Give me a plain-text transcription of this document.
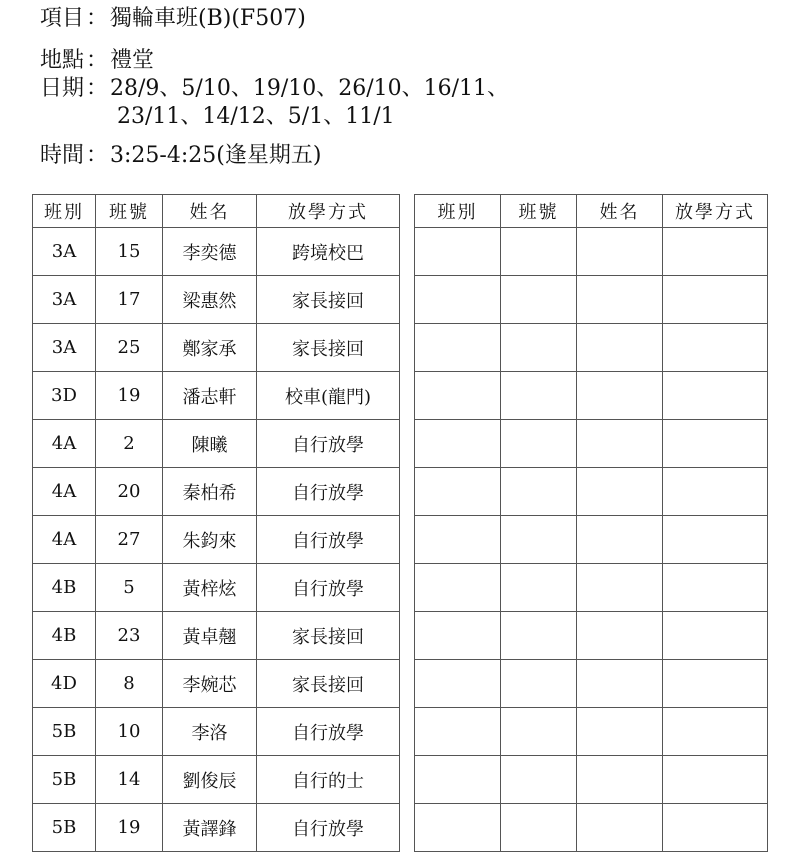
項目：獨輪車班(B)(F507)
地點：禮堂
日期：28/9、5/10、19/10、26/10、16/11、
23/11、14/12、5/1、11/1
時間：3:25-4:25(逢星期五)
班別	班號	姓名	放學方式
3A	15	李奕德	跨境校巴
3A	17	梁惠然	家長接回
3A	25	鄭家承	家長接回
3D	19	潘志軒	校車(龍門)
4A	2	陳曦	自行放學
4A	20	秦柏希	自行放學
4A	27	朱鈞來	自行放學
4B	5	黃梓炫	自行放學
4B	23	黃卓翹	家長接回
4D	8	李婉芯	家長接回
5B	10	李洛	自行放學
5B	14	劉俊辰	自行的士
5B	19	黃譯鋒	自行放學
班別	班號	姓名	放學方式
